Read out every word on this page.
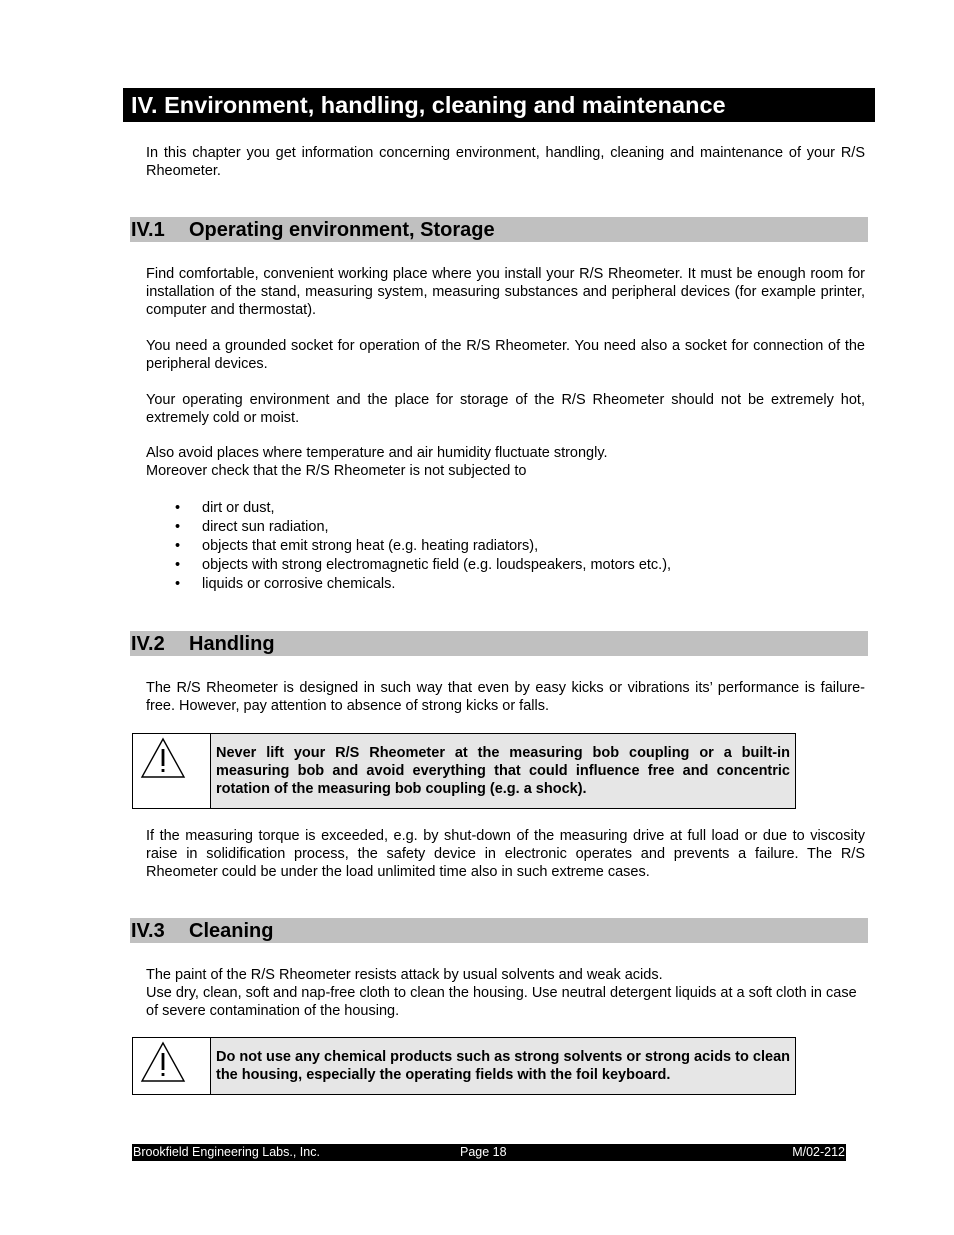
IV. Environment, handling, cleaning and maintenance

In this chapter you get information concerning environment, handling, cleaning and maintenance of your R/S Rheometer.

IV.1 Operating environment, Storage

Find comfortable, convenient working place where you install your R/S Rheometer. It must be enough room for installation of the stand, measuring system, measuring substances and peripheral devices (for example printer, computer and thermostat).

You need a grounded socket for operation of the R/S Rheometer. You need also a socket for connection of the peripheral devices.

Your operating environment and the place for storage of the R/S Rheometer should not be extremely hot, extremely cold or moist.

Also avoid places where temperature and air humidity fluctuate strongly.

Moreover check that the R/S Rheometer is not subjected to

• dirt or dust,
• direct sun radiation,
• objects that emit strong heat (e.g. heating radiators),
• objects with strong electromagnetic field (e.g. loudspeakers, motors etc.),
• liquids or corrosive chemicals.
IV.2 Handling

The R/S Rheometer is designed in such way that even by easy kicks or vibrations its’ performance is failure-free. However, pay attention to absence of strong kicks or falls.

Never lift your R/S Rheometer at the measuring bob coupling or a built-in measuring bob and avoid everything that could influence free and concentric rotation of the measuring bob coupling (e.g. a shock).

If the measuring torque is exceeded, e.g. by shut-down of the measuring drive at full load or due to viscosity raise in solidification process, the safety device in electronic operates and prevents a failure. The R/S Rheometer could be under the load unlimited time also in such extreme cases.

IV.3 Cleaning

The paint of the R/S Rheometer resists attack by usual solvents and weak acids.

Use dry, clean, soft and nap-free cloth to clean the housing. Use neutral detergent liquids at a soft cloth in case of severe contamination of the housing.

Do not use any chemical products such as strong solvents or strong acids to clean the housing, especially the operating fields with the foil keyboard.
Brookfield Engineering Labs., Inc.	Page 18	M/02-212
